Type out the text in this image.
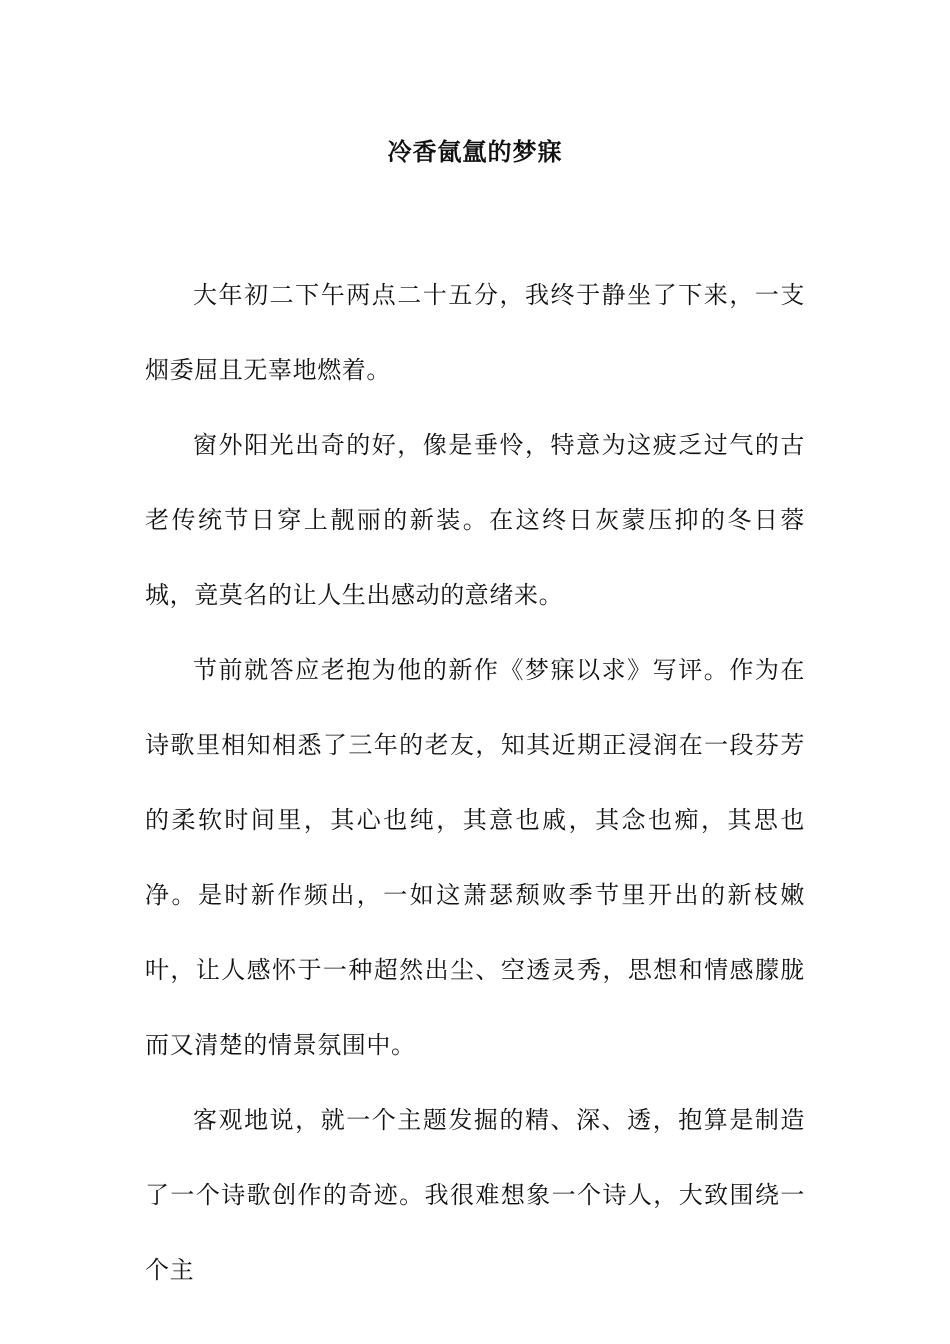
冷香氤氲的梦寐

大年初二下午两点二十五分，我终于静坐了下来，一支烟委屈且无辜地燃着。

窗外阳光出奇的好，像是垂怜，特意为这疲乏过气的古老传统节日穿上靓丽的新装。在这终日灰蒙压抑的冬日蓉城，竟莫名的让人生出感动的意绪来。

节前就答应老抱为他的新作《梦寐以求》写评。作为在诗歌里相知相悉了三年的老友，知其近期正浸润在一段芬芳的柔软时间里，其心也纯，其意也戚，其念也痴，其思也净。是时新作频出，一如这萧瑟颓败季节里开出的新枝嫩叶，让人感怀于一种超然出尘、空透灵秀，思想和情感朦胧而又清楚的情景氛围中。

客观地说，就一个主题发掘的精、深、透，抱算是制造了一个诗歌创作的奇迹。我很难想象一个诗人，大致围绕一个主
